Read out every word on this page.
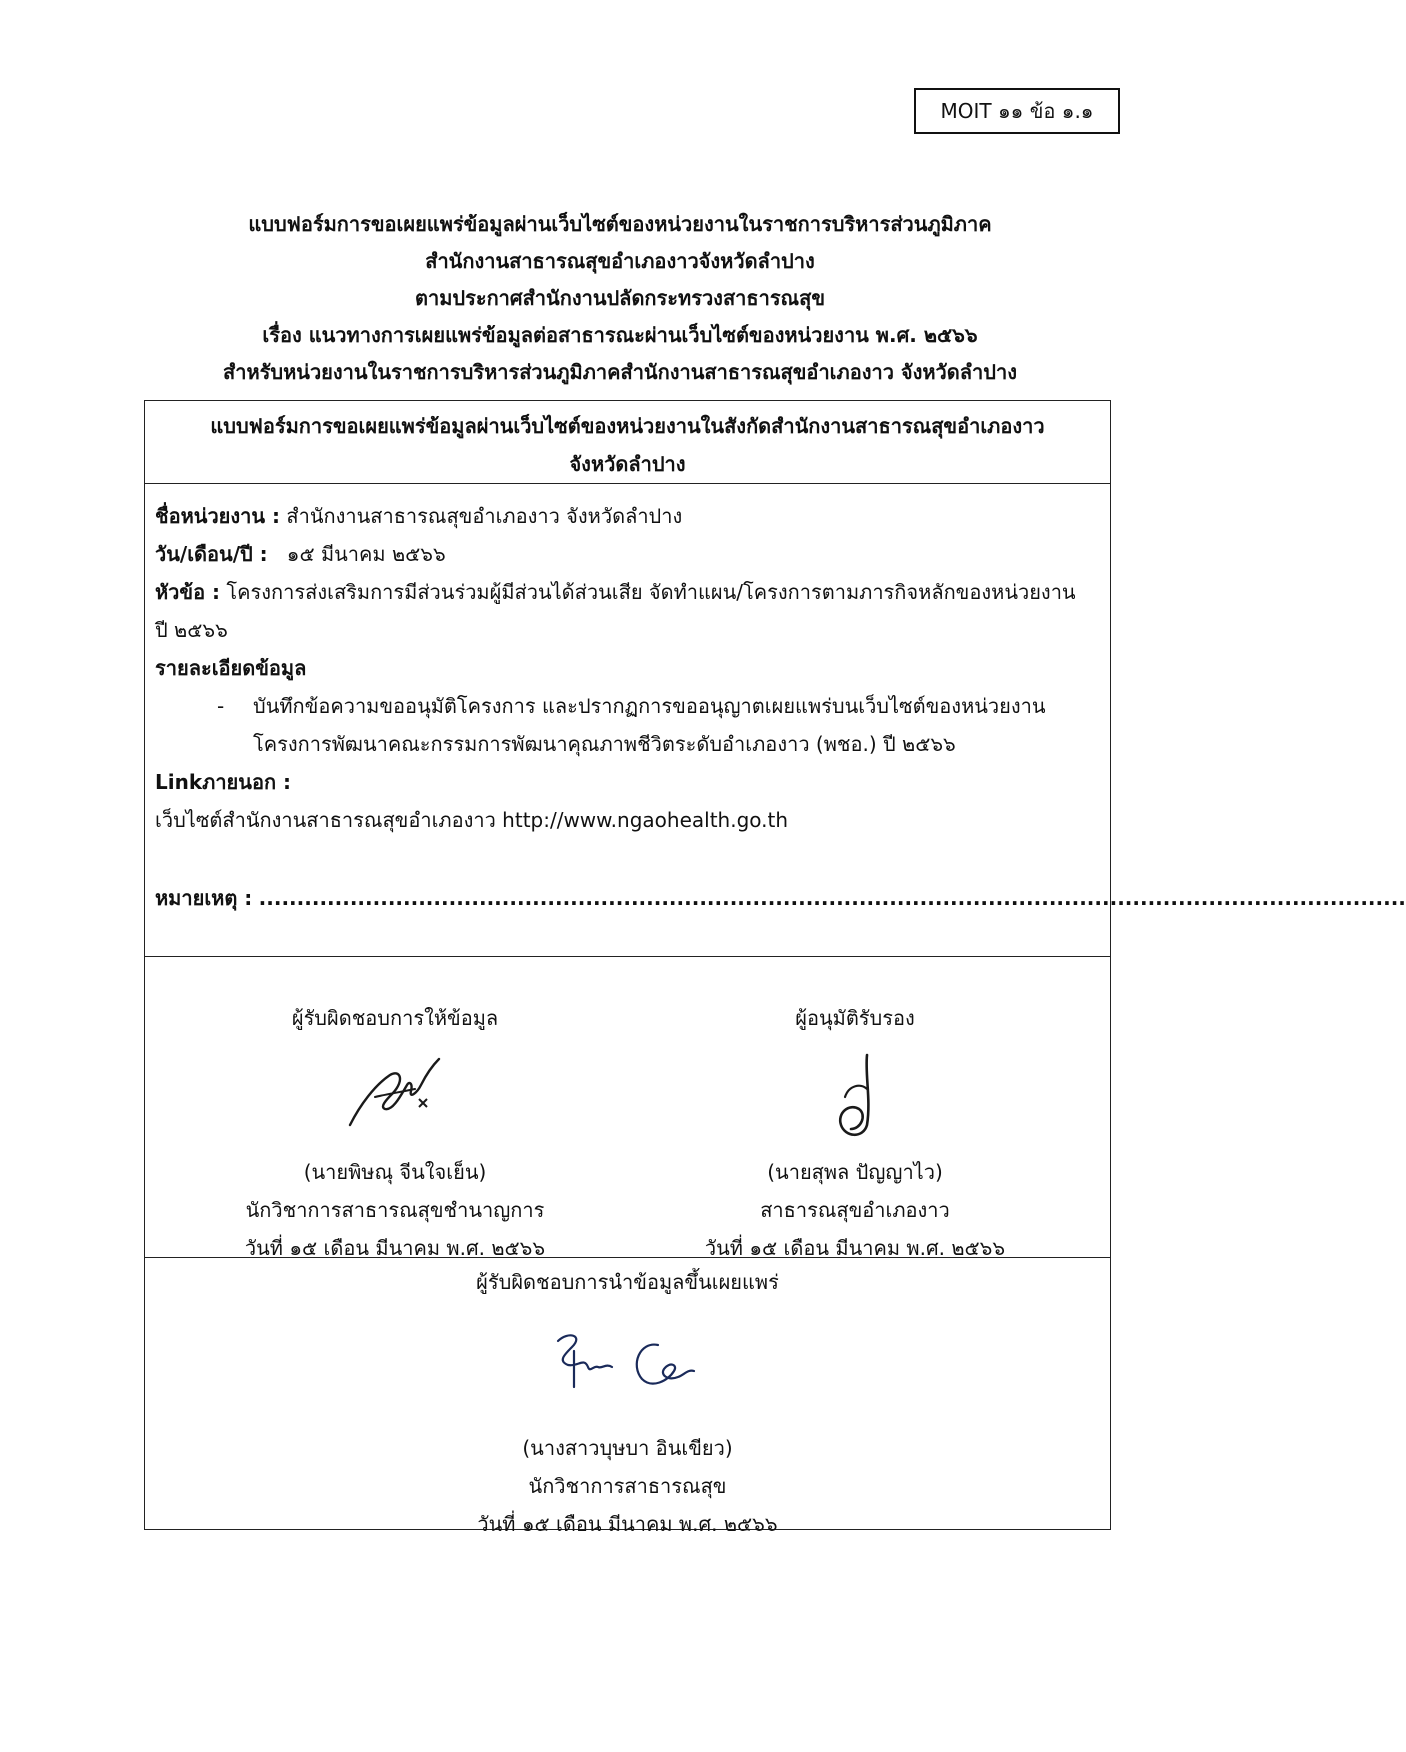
MOIT ๑๑ ข้อ ๑.๑
แบบฟอร์มการขอเผยแพร่ข้อมูลผ่านเว็บไซต์ของหน่วยงานในราชการบริหารส่วนภูมิภาค
สำนักงานสาธารณสุขอำเภองาวจังหวัดลำปาง
ตามประกาศสำนักงานปลัดกระทรวงสาธารณสุข
เรื่อง แนวทางการเผยแพร่ข้อมูลต่อสาธารณะผ่านเว็บไซต์ของหน่วยงาน พ.ศ. ๒๕๖๖
สำหรับหน่วยงานในราชการบริหารส่วนภูมิภาคสำนักงานสาธารณสุขอำเภองาว จังหวัดลำปาง
แบบฟอร์มการขอเผยแพร่ข้อมูลผ่านเว็บไซต์ของหน่วยงานในสังกัดสำนักงานสาธารณสุขอำเภองาว
จังหวัดลำปาง
ชื่อหน่วยงาน : สำนักงานสาธารณสุขอำเภองาว จังหวัดลำปาง
วัน/เดือน/ปี : ๑๕ มีนาคม ๒๕๖๖
หัวข้อ : โครงการส่งเสริมการมีส่วนร่วมผู้มีส่วนได้ส่วนเสีย จัดทำแผน/โครงการตามภารกิจหลักของหน่วยงาน
ปี ๒๕๖๖
รายละเอียดข้อมูล
- บันทึกข้อความขออนุมัติโครงการ และปรากฏการขออนุญาตเผยแพร่บนเว็บไซต์ของหน่วยงาน
โครงการพัฒนาคณะกรรมการพัฒนาคุณภาพชีวิตระดับอำเภองาว (พชอ.) ปี ๒๕๖๖
Linkภายนอก :
เว็บไซต์สำนักงานสาธารณสุขอำเภองาว http://www.ngaohealth.go.th
หมายเหตุ : .......................................................................................................................................................
ผู้รับผิดชอบการให้ข้อมูล
(นายพิษณุ จีนใจเย็น)
นักวิชาการสาธารณสุขชำนาญการ
วันที่ ๑๕ เดือน มีนาคม พ.ศ. ๒๕๖๖
ผู้อนุมัติรับรอง
(นายสุพล ปัญญาไว)
สาธารณสุขอำเภองาว
วันที่ ๑๕ เดือน มีนาคม พ.ศ. ๒๕๖๖
ผู้รับผิดชอบการนำข้อมูลขึ้นเผยแพร่
(นางสาวบุษบา อินเขียว)
นักวิชาการสาธารณสุข
วันที่ ๑๕ เดือน มีนาคม พ.ศ. ๒๕๖๖
